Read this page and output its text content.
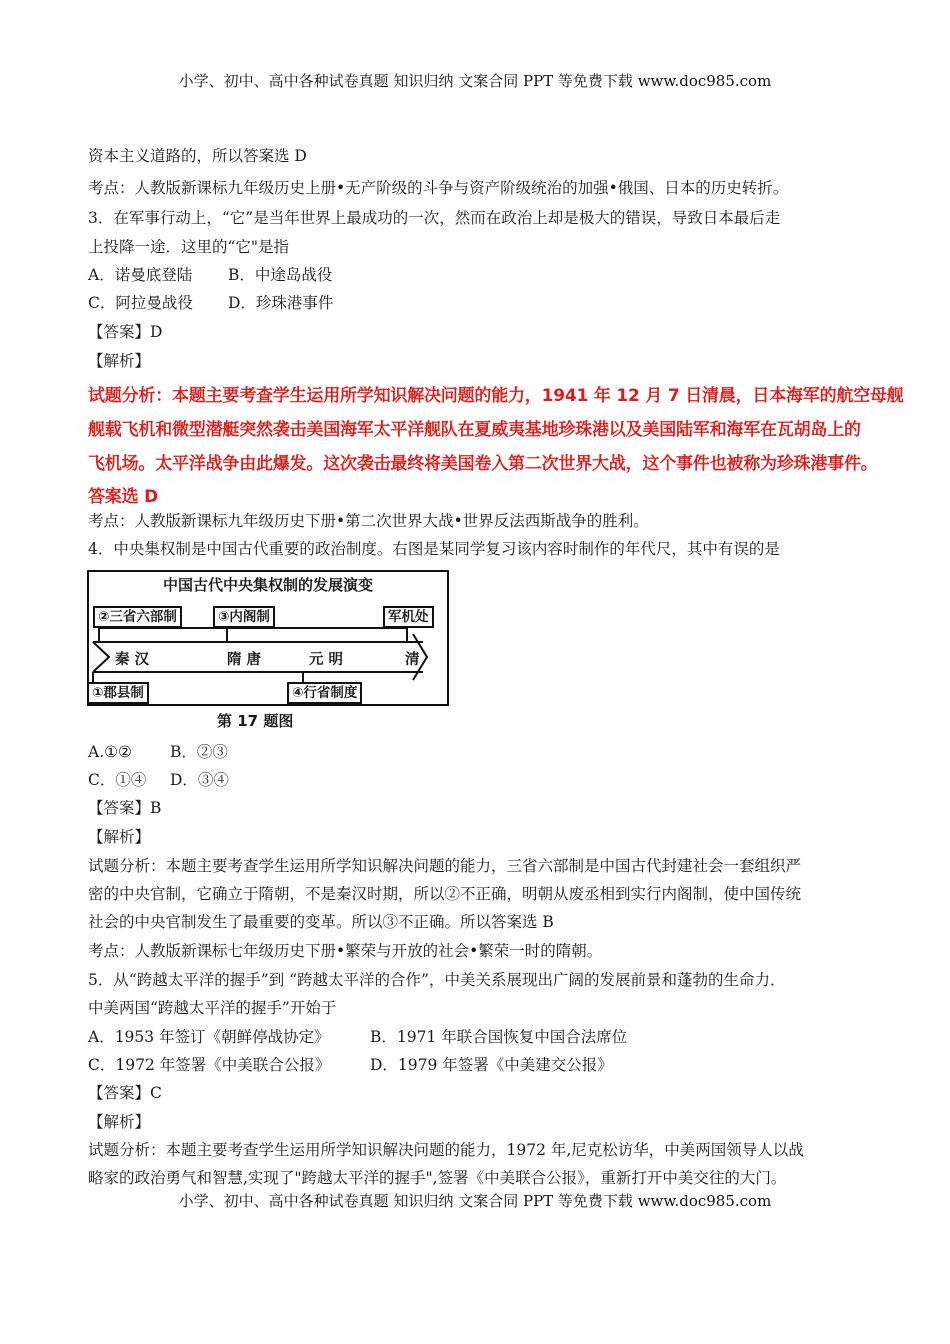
小学、初中、高中各种试卷真题 知识归纳 文案合同 PPT 等免费下载 www.doc985.com
小学、初中、高中各种试卷真题 知识归纳 文案合同 PPT 等免费下载 www.doc985.com
资本主义道路的，所以答案选 D
考点：人教版新课标九年级历史上册•无产阶级的斗争与资产阶级统治的加强•俄国、日本的历史转折。
3．在军事行动上，“它”是当年世界上最成功的一次，然而在政治上却是极大的错误，导致日本最后走
上投降一途．这里的“它"是指
A．诺曼底登陆 B．中途岛战役
C．阿拉曼战役 D．珍珠港事件
【答案】D
【解析】
试题分析：本题主要考查学生运用所学知识解决问题的能力，1941 年 12 月 7 日清晨，日本海军的航空母舰
舰载飞机和微型潜艇突然袭击美国海军太平洋舰队在夏威夷基地珍珠港以及美国陆军和海军在瓦胡岛上的
飞机场。太平洋战争由此爆发。这次袭击最终将美国卷入第二次世界大战，这个事件也被称为珍珠港事件。
答案选 D
考点：人教版新课标九年级历史下册•第二次世界大战•世界反法西斯战争的胜利。
4．中央集权制是中国古代重要的政治制度。右图是某同学复习该内容时制作的年代尺，其中有误的是
中国古代中央集权制的发展演变
②三省六部制	③内阁制	军机处
秦 汉	隋 唐	元 明	清
①郡县制	④行省制度
第 17 题图
A.①② B．②③
C．①④ D．③④
【答案】B
【解析】
试题分析：本题主要考查学生运用所学知识解决问题的能力，三省六部制是中国古代封建社会一套组织严
密的中央官制，它确立于隋朝，不是秦汉时期，所以②不正确，明朝从废丞相到实行内阁制，使中国传统
社会的中央官制发生了最重要的变革。所以③不正确。所以答案选 B
考点：人教版新课标七年级历史下册•繁荣与开放的社会•繁荣一时的隋朝。
5．从“跨越太平洋的握手”到 “跨越太平洋的合作”，中美关系展现出广阔的发展前景和蓬勃的生命力．
中美两国“跨越太平洋的握手”开始于
A．1953 年签订《朝鲜停战协定》	B．1971 年联合国恢复中国合法席位
C．1972 年签署《中美联合公报》	D．1979 年签署《中美建交公报》
【答案】C
【解析】
试题分析：本题主要考查学生运用所学知识解决问题的能力，1972 年,尼克松访华，中美两国领导人以战
略家的政治勇气和智慧,实现了"跨越太平洋的握手",签署《中美联合公报》，重新打开中美交往的大门。
